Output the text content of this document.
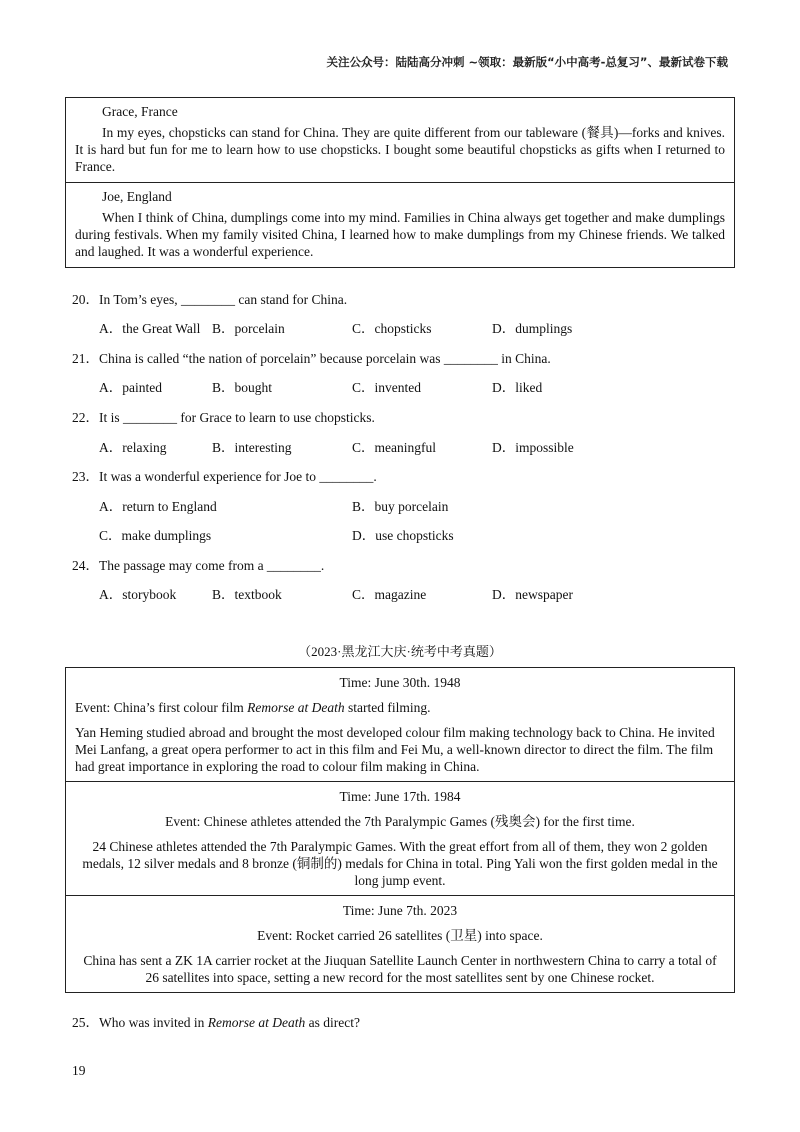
关注公众号：陆陆高分冲刺 ~领取：最新版“小中高考-总复习”、最新试卷下载
Grace, France
In my eyes, chopsticks can stand for China. They are quite different from our tableware (餐具)—forks and knives. It is hard but fun for me to learn how to use chopsticks. I bought some beautiful chopsticks as gifts when I returned to France.
Joe, England
When I think of China, dumplings come into my mind. Families in China always get together and make dumplings during festivals. When my family visited China, I learned how to make dumplings from my Chinese friends. We talked and laughed. It was a wonderful experience.

20．In Tom’s eyes, ________ can stand for China.

A．the Great Wall B．porcelain	C．chopsticks	D．dumplings

21．China is called “the nation of porcelain” because porcelain was ________ in China.

A．painted	B．bought	C．invented	D．liked

22．It is ________ for Grace to learn to use chopsticks.

A．relaxing	B．interesting	C．meaningful	D．impossible

23．It was a wonderful experience for Joe to ________.

A．return to England	B．buy porcelain

C．make dumplings	D．use chopsticks

24．The passage may come from a ________.

A．storybook	B．textbook	C．magazine	D．newspaper

（2023·黑龙江大庆·统考中考真题）
Time: June 30th. 1948
Event: China’s first colour film Remorse at Death started filming.
Yan Heming studied abroad and brought the most developed colour film making technology back to China. He invited Mei Lanfang, a great opera performer to act in this film and Fei Mu, a well-known director to direct the film. The film had great importance in exploring the road to colour film making in China.
Time: June 17th. 1984
Event: Chinese athletes attended the 7th Paralympic Games (残奥会) for the first time.
24 Chinese athletes attended the 7th Paralympic Games. With the great effort from all of them, they won 2 golden medals, 12 silver medals and 8 bronze (铜制的) medals for China in total. Ping Yali won the first golden medal in the long jump event.
Time: June 7th. 2023
Event: Rocket carried 26 satellites (卫星) into space.
China has sent a ZK 1A carrier rocket at the Jiuquan Satellite Launch Center in northwestern China to carry a total of 26 satellites into space, setting a new record for the most satellites sent by one Chinese rocket.

25．Who was invited in Remorse at Death as direct?

19
